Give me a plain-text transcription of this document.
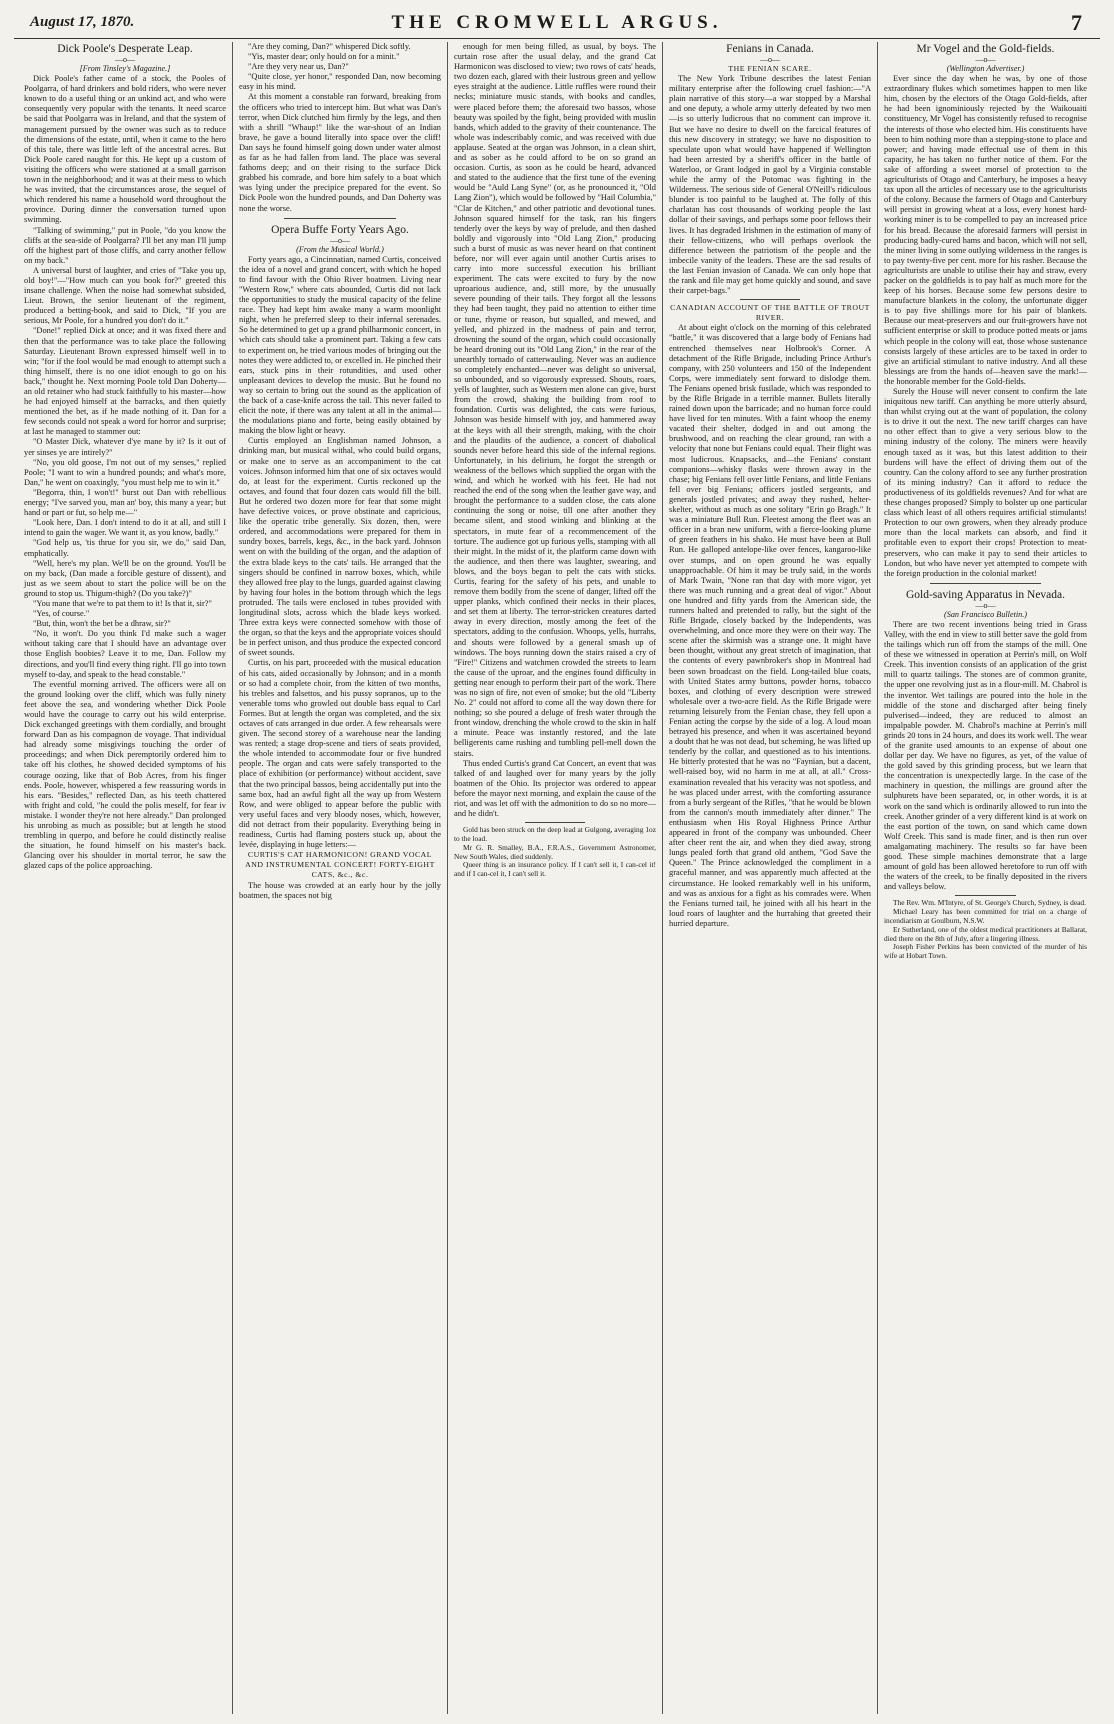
August 17, 1870.	THE CROMWELL ARGUS.	7

Dick Poole's Desperate Leap.

—o—

[From Tinsley's Magazine.]

Dick Poole's father came of a stock, the Pooles of Poolgarra, of hard drinkers and bold riders, who were never known to do a useful thing or an unkind act, and who were consequently very popular with the tenants. It need scarce be said that Poolgarra was in Ireland, and that the system of management pursued by the owner was such as to reduce the dimensions of the estate, until, when it came to the hero of this tale, there was little left of the ancestral acres. But Dick Poole cared naught for this. He kept up a custom of visiting the officers who were stationed at a small garrison town in the neighborhood; and it was at their mess to which he was invited, that the circumstances arose, the sequel of which rendered his name a household word throughout the province. During dinner the conversation turned upon swimming.

"Talking of swimming," put in Poole, "do you know the cliffs at the sea-side of Poolgarra? I'll bet any man I'll jump off the highest part of those cliffs, and carry another fellow on my back."

A universal burst of laughter, and cries of "Take you up, old boy!"—"How much can you book for?" greeted this insane challenge. When the noise had somewhat subsided, Lieut. Brown, the senior lieutenant of the regiment, produced a betting-book, and said to Dick, "If you are serious, Mr Poole, for a hundred you don't do it."

"Done!" replied Dick at once; and it was fixed there and then that the performance was to take place the following Saturday. Lieutenant Brown expressed himself well in to win; "for if the fool would be mad enough to attempt such a thing himself, there is no one idiot enough to go on his back," thought he. Next morning Poole told Dan Doherty—an old retainer who had stuck faithfully to his master—how he had enjoyed himself at the barracks, and then quietly mentioned the bet, as if he made nothing of it. Dan for a few seconds could not speak a word for horror and surprise; at last he managed to stammer out:

"O Master Dick, whatever d'ye mane by it? Is it out of yer sinses ye are intirely?"

"No, you old goose, I'm not out of my senses," replied Poole; "I want to win a hundred pounds; and what's more, Dan," he went on coaxingly, "you must help me to win it."

"Begorra, thin, I won't!" burst out Dan with rebellious energy; "I've sarved you, man an' boy, this many a year; but hand or part or fut, so help me—"

"Look here, Dan. I don't intend to do it at all, and still I intend to gain the wager. We want it, as you know, badly."

"God help us, 'tis thrue for you sir, we do," said Dan, emphatically.

"Well, here's my plan. We'll be on the ground. You'll be on my back, (Dan made a forcible gesture of dissent), and just as we seem about to start the police will be on the ground to stop us. Thigum-thigh? (Do you take?)"

"You mane that we're to pat them to it! Is that it, sir?"

"Yes, of course."

"But, thin, won't the bet be a dhraw, sir?"

"No, it won't. Do you think I'd make such a wager without taking care that I should have an advantage over those English boobies? Leave it to me, Dan. Follow my directions, and you'll find every thing right. I'll go into town myself to-day, and speak to the head constable."

The eventful morning arrived. The officers were all on the ground looking over the cliff, which was fully ninety feet above the sea, and wondering whether Dick Poole would have the courage to carry out his wild enterprise. Dick exchanged greetings with them cordially, and brought forward Dan as his compagnon de voyage. That individual had already some misgivings touching the order of proceedings; and when Dick peremptorily ordered him to take off his clothes, he showed decided symptoms of his courage oozing, like that of Bob Acres, from his finger ends. Poole, however, whispered a few reassuring words in his ears. "Besides," reflected Dan, as his teeth chattered with fright and cold, "he could the polis meself, for fear iv mistake. I wonder they're not here already." Dan prolonged his unrobing as much as possible; but at length he stood trembling in querpo, and before he could distinctly realise the situation, he found himself on his master's back. Glancing over his shoulder in mortal terror, he saw the glazed caps of the police approaching.

"Are they coming, Dan?" whispered Dick softly.

"Yis, master dear; only hould on for a minit."

"Are they very near us, Dan?"

"Quite close, yer honor," responded Dan, now becoming easy in his mind.

At this moment a constable ran forward, breaking from the officers who tried to intercept him. But what was Dan's terror, when Dick clutched him firmly by the legs, and then with a shrill "Whaup!" like the war-shout of an Indian brave, he gave a bound literally into space over the cliff! Dan says he found himself going down under water almost as far as he had fallen from land. The place was several fathoms deep; and on their rising to the surface Dick grabbed his comrade, and bore him safely to a boat which was lying under the precipice prepared for the event. So Dick Poole won the hundred pounds, and Dan Doherty was none the worse.

Opera Buffe Forty Years Ago.

—o—

(From the Musical World.)

Forty years ago, a Cincinnatian, named Curtis, conceived the idea of a novel and grand concert, with which he hoped to find favour with the Ohio River boatmen. Living near "Western Row," where cats abounded, Curtis did not lack the opportunities to study the musical capacity of the feline race. They had kept him awake many a warm moonlight night, when he preferred sleep to their infernal serenades. So he determined to get up a grand philharmonic concert, in which cats should take a prominent part. Taking a few cats to experiment on, he tried various modes of bringing out the notes they were addicted to, or excelled in. He pinched their ears, stuck pins in their rotundities, and used other unpleasant devices to develop the music. But he found no way so certain to bring out the sound as the application of the back of a case-knife across the tail. This never failed to elicit the note, if there was any talent at all in the animal—the modulations piano and forte, being easily obtained by making the blow light or heavy.

Curtis employed an Englishman named Johnson, a drinking man, but musical withal, who could build organs, or make one to serve as an accompaniment to the cat voices. Johnson informed him that one of six octaves would do, at least for the experiment. Curtis reckoned up the octaves, and found that four dozen cats would fill the bill. But he ordered two dozen more for fear that some might have defective voices, or prove obstinate and capricious, like the operatic tribe generally. Six dozen, then, were ordered, and accommodations were prepared for them in sundry boxes, barrels, kegs, &c., in the back yard. Johnson went on with the building of the organ, and the adaption of the extra blade keys to the cats' tails. He arranged that the singers should be confined in narrow boxes, which, while they allowed free play to the lungs, guarded against clawing by having four holes in the bottom through which the legs protruded. The tails were enclosed in tubes provided with longitudinal slots, across which the blade keys worked. Three extra keys were connected somehow with those of the organ, so that the keys and the appropriate voices should be in perfect unison, and thus produce the expected concord of sweet sounds.

Curtis, on his part, proceeded with the musical education of his cats, aided occasionally by Johnson; and in a month or so had a complete choir, from the kitten of two months, his trebles and falsettos, and his pussy sopranos, up to the venerable toms who growled out double bass equal to Carl Formes. But at length the organ was completed, and the six octaves of cats arranged in due order. A few rehearsals were given. The second storey of a warehouse near the landing was rented; a stage drop-scene and tiers of seats provided, the whole intended to accommodate four or five hundred people. The organ and cats were safely transported to the place of exhibition (or performance) without accident, save that the two principal bassos, being accidentally put into the same box, had an awful fight all the way up from Western Row, and were obliged to appear before the public with very useful faces and very bloody noses, which, however, did not detract from their popularity. Everything being in readiness, Curtis had flaming posters stuck up, about the levée, displaying in huge letters:—

CURTIS'S CAT HARMONICON! GRAND VOCAL AND INSTRUMENTAL CONCERT! FORTY-EIGHT CATS, &c., &c.

The house was crowded at an early hour by the jolly boatmen, the spaces not big

enough for men being filled, as usual, by boys. The curtain rose after the usual delay, and the grand Cat Harmonicon was disclosed to view; two rows of cats' heads, two dozen each, glared with their lustrous green and yellow eyes straight at the audience. Little ruffles were round their necks; miniature music stands, with books and candles, were placed before them; the aforesaid two bassos, whose beauty was spoiled by the fight, being provided with muslin bands, which added to the gravity of their countenance. The whole was indescribably comic, and was received with due applause. Seated at the organ was Johnson, in a clean shirt, and as sober as he could afford to be on so grand an occasion. Curtis, as soon as he could be heard, advanced and stated to the audience that the first tune of the evening would be "Auld Lang Syne" (or, as he pronounced it, "Old Lang Zion"), which would be followed by "Hail Columbia," "Clar de Kitchen," and other patriotic and devotional tunes. Johnson squared himself for the task, ran his fingers tenderly over the keys by way of prelude, and then dashed boldly and vigorously into "Old Lang Zion," producing such a burst of music as was never heard on that continent before, nor will ever again until another Curtis arises to carry into more successful execution his brilliant experiment. The cats were excited to fury by the now uproarious audience, and, still more, by the unusually severe pounding of their tails. They forgot all the lessons they had been taught, they paid no attention to either time or tune, rhyme or reason, but squalled, and mewed, and yelled, and phizzed in the madness of pain and terror, drowning the sound of the organ, which could occasionally be heard droning out its "Old Lang Zion," in the rear of the unearthly tornado of catterwauling. Never was an audience so completely enchanted—never was delight so universal, so unbounded, and so vigorously expressed. Shouts, roars, yells of laughter, such as Western men alone can give, burst from the crowd, shaking the building from roof to foundation. Curtis was delighted, the cats were furious, Johnson was beside himself with joy, and hammered away at the keys with all their strength, making, with the choir and the plaudits of the audience, a concert of diabolical sounds never before heard this side of the infernal regions. Unfortunately, in his delirium, he forgot the strength or weakness of the bellows which supplied the organ with the wind, and which he worked with his feet. He had not reached the end of the song when the leather gave way, and brought the performance to a sudden close, the cats alone continuing the song or noise, till one after another they became silent, and stood winking and blinking at the spectators, in mute fear of a recommencement of the torture. The audience got up furious yells, stamping with all their might. In the midst of it, the platform came down with the audience, and then there was laughter, swearing, and blows, and the boys began to pelt the cats with sticks. Curtis, fearing for the safety of his pets, and unable to remove them bodily from the scene of danger, lifted off the upper planks, which confined their necks in their places, and set them at liberty. The terror-stricken creatures darted away in every direction, mostly among the feet of the spectators, adding to the confusion. Whoops, yells, hurrahs, and shouts were followed by a general smash up of windows. The boys running down the stairs raised a cry of "Fire!" Citizens and watchmen crowded the streets to learn the cause of the uproar, and the engines found difficulty in getting near enough to perform their part of the work. There was no sign of fire, not even of smoke; but the old "Liberty No. 2" could not afford to come all the way down there for nothing; so she poured a deluge of fresh water through the front window, drenching the whole crowd to the skin in half a minute. Peace was instantly restored, and the late belligerents came rushing and tumbling pell-mell down the stairs.

Thus ended Curtis's grand Cat Concert, an event that was talked of and laughed over for many years by the jolly boatmen of the Ohio. Its projector was ordered to appear before the mayor next morning, and explain the cause of the riot, and was let off with the admonition to do so no more—and he didn't.

Gold has been struck on the deep lead at Gulgong, averaging 1oz to the load.

Mr G. R. Smalley, B.A., F.R.A.S., Government Astronomer, New South Wales, died suddenly.

Queer thing is an insurance policy. If I can't sell it, I can-cel it! and if I can-cel it, I can't sell it.

Fenians in Canada.

—o—

THE FENIAN SCARE.

The New York Tribune describes the latest Fenian military enterprise after the following cruel fashion:—"A plain narrative of this story—a war stopped by a Marshal and one deputy, a whole army utterly defeated by two men—is so utterly ludicrous that no comment can improve it. But we have no desire to dwell on the farcical features of this new discovery in strategy; we have no disposition to speculate upon what would have happened if Wellington had been arrested by a sheriff's officer in the battle of Waterloo, or Grant lodged in gaol by a Virginia constable while the army of the Potomac was fighting in the Wilderness. The serious side of General O'Neill's ridiculous blunder is too painful to be laughed at. The folly of this charlatan has cost thousands of working people the last dollar of their savings, and perhaps some poor fellows their lives. It has degraded Irishmen in the estimation of many of their fellow-citizens, who will perhaps overlook the difference between the patriotism of the people and the imbecile vanity of the leaders. These are the sad results of the last Fenian invasion of Canada. We can only hope that the rank and file may get home quickly and sound, and save their carpet-bags."

CANADIAN ACCOUNT OF THE BATTLE OF TROUT RIVER.

At about eight o'clock on the morning of this celebrated "battle," it was discovered that a large body of Fenians had entrenched themselves near Holbrook's Corner. A detachment of the Rifle Brigade, including Prince Arthur's company, with 250 volunteers and 150 of the Independent Corps, were immediately sent forward to dislodge them. The Fenians opened brisk fusilade, which was responded to by the Rifle Brigade in a terrible manner. Bullets literally rained down upon the barricade; and no human force could have lived for ten minutes. With a faint whoop the enemy vacated their shelter, dodged in and out among the brushwood, and on reaching the clear ground, ran with a velocity that none but Fenians could equal. Their flight was most ludicrous. Knapsacks, and—the Fenians' constant companions—whisky flasks were thrown away in the chase; big Fenians fell over little Fenians, and little Fenians fell over big Fenians; officers jostled sergeants, and generals jostled privates; and away they rushed, helter-skelter, without as much as one solitary "Erin go Bragh." It was a miniature Bull Run. Fleetest among the fleet was an officer in a bran new uniform, with a fierce-looking plume of green feathers in his shako. He must have been at Bull Run. He galloped antelope-like over fences, kangaroo-like over stumps, and on open ground he was equally unapproachable. Of him it may be truly said, in the words of Mark Twain, "None ran that day with more vigor, yet there was much running and a great deal of vigor." About one hundred and fifty yards from the American side, the runners halted and pretended to rally, but the sight of the Rifle Brigade, closely backed by the Independents, was overwhelming, and once more they were on their way. The scene after the skirmish was a strange one. It might have been thought, without any great stretch of imagination, that the contents of every pawnbroker's shop in Montreal had been sown broadcast on the field. Long-tailed blue coats, with United States army buttons, powder horns, tobacco boxes, and clothing of every description were strewed wholesale over a two-acre field. As the Rifle Brigade were returning leisurely from the Fenian chase, they fell upon a Fenian acting the corpse by the side of a log. A loud moan betrayed his presence, and when it was ascertained beyond a doubt that he was not dead, but scheming, he was lifted up tenderly by the collar, and questioned as to his intentions. He bitterly protested that he was no "Faynian, but a dacent, well-raised boy, wid no harm in me at all, at all." Cross-examination revealed that his veracity was not spotless, and he was placed under arrest, with the comforting assurance from a burly sergeant of the Rifles, "that he would be blown from the cannon's mouth immediately after dinner." The enthusiasm when His Royal Highness Prince Arthur appeared in front of the company was unbounded. Cheer after cheer rent the air, and when they died away, strong lungs pealed forth that grand old anthem, "God Save the Queen." The Prince acknowledged the compliment in a graceful manner, and was apparently much affected at the circumstance. He looked remarkably well in his uniform, and was as anxious for a fight as his comrades were. When the Fenians turned tail, he joined with all his heart in the loud roars of laughter and the hurrahing that greeted their hurried departure.

Mr Vogel and the Gold-fields.

—o—

(Wellington Advertiser.)

Ever since the day when he was, by one of those extraordinary flukes which sometimes happen to men like him, chosen by the electors of the Otago Gold-fields, after he had been ignominiously rejected by the Waikouaiti constituency, Mr Vogel has consistently refused to recognise the interests of those who elected him. His constituents have been to him nothing more than a stepping-stone to place and power; and having made effectual use of them in this capacity, he has taken no further notice of them. For the sake of affording a sweet morsel of protection to the agriculturists of Otago and Canterbury, he imposes a heavy tax upon all the articles of necessary use to the agriculturists of the colony. Because the farmers of Otago and Canterbury will persist in growing wheat at a loss, every honest hard-working miner is to be compelled to pay an increased price for his bread. Because the aforesaid farmers will persist in producing badly-cured hams and bacon, which will not sell, the miner living in some outlying wilderness in the ranges is to pay twenty-five per cent. more for his rasher. Because the agriculturists are unable to utilise their hay and straw, every packer on the goldfields is to pay half as much more for the keep of his horses. Because some few persons desire to manufacture blankets in the colony, the unfortunate digger is to pay five shillings more for his pair of blankets. Because our meat-preservers and our fruit-growers have not sufficient enterprise or skill to produce potted meats or jams which people in the colony will eat, those whose sustenance consists largely of these articles are to be taxed in order to give an artificial stimulant to native industry. And all these blessings are from the hands of—heaven save the mark!—the honorable member for the Gold-fields.

Surely the House will never consent to confirm the late iniquitous new tariff. Can anything be more utterly absurd, than whilst crying out at the want of population, the colony is to drive it out the next. The new tariff charges can have no other effect than to give a very serious blow to the mining industry of the colony. The miners were heavily enough taxed as it was, but this latest addition to their burdens will have the effect of driving them out of the country. Can the colony afford to see any further prostration of its mining industry? Can it afford to reduce the productiveness of its goldfields revenues? And for what are these changes proposed? Simply to bolster up one particular class which least of all others requires artificial stimulants! Protection to our own growers, when they already produce more than the local markets can absorb, and find it profitable even to export their crops! Protection to meat-preservers, who can make it pay to send their articles to London, but who have never yet attempted to compete with the foreign production in the colonial market!

Gold-saving Apparatus in Nevada.

—o—

(San Francisco Bulletin.)

There are two recent inventions being tried in Grass Valley, with the end in view to still better save the gold from the tailings which run off from the stamps of the mill. One of these we witnessed in operation at Perrin's mill, on Wolf Creek. This invention consists of an application of the grist mill to quartz tailings. The stones are of common granite, the upper one revolving just as in a flour-mill. M. Chabrol is the inventor. Wet tailings are poured into the hole in the middle of the stone and discharged after being finely pulverised—indeed, they are reduced to almost an impalpable powder. M. Chabrol's machine at Perrin's mill grinds 20 tons in 24 hours, and does its work well. The wear of the granite used amounts to an expense of about one dollar per day. We have no figures, as yet, of the value of the gold saved by this grinding process, but we learn that the concentration is unexpectedly large. In the case of the machinery in question, the millings are ground after the sulphurets have been separated, or, in other words, it is at work on the sand which is ordinarily allowed to run into the creek. Another grinder of a very different kind is at work on the east portion of the town, on sand which came down Wolf Creek. This sand is made finer, and is then run over amalgamating machinery. The results so far have been good. These simple machines demonstrate that a large amount of gold has been allowed heretofore to run off with the waters of the creek, to be finally deposited in the rivers and valleys below.

The Rev. Wm. M'Intyre, of St. George's Church, Sydney, is dead.

Michael Leary has been committed for trial on a charge of incendiarism at Goulburn, N.S.W.

Er Sutherland, one of the oldest medical practitioners at Ballarat, died there on the 8th of July, after a lingering illness.

Joseph Fisher Perkins has been convicted of the murder of his wife at Hobart Town.
